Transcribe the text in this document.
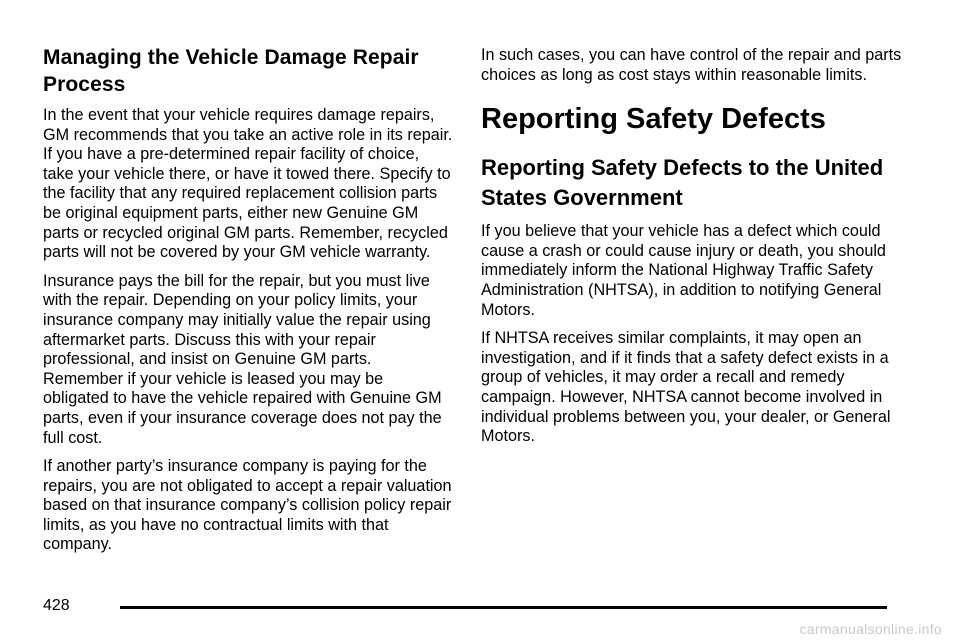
Managing the Vehicle Damage Repair Process

In the event that your vehicle requires damage repairs, GM recommends that you take an active role in its repair. If you have a pre-determined repair facility of choice, take your vehicle there, or have it towed there. Specify to the facility that any required replacement collision parts be original equipment parts, either new Genuine GM parts or recycled original GM parts. Remember, recycled parts will not be covered by your GM vehicle warranty.

Insurance pays the bill for the repair, but you must live with the repair. Depending on your policy limits, your insurance company may initially value the repair using aftermarket parts. Discuss this with your repair professional, and insist on Genuine GM parts. Remember if your vehicle is leased you may be obligated to have the vehicle repaired with Genuine GM parts, even if your insurance coverage does not pay the full cost.

If another party’s insurance company is paying for the repairs, you are not obligated to accept a repair valuation based on that insurance company’s collision policy repair limits, as you have no contractual limits with that company.

In such cases, you can have control of the repair and parts choices as long as cost stays within reasonable limits.

Reporting Safety Defects
Reporting Safety Defects to the United States Government

If you believe that your vehicle has a defect which could cause a crash or could cause injury or death, you should immediately inform the National Highway Traffic Safety Administration (NHTSA), in addition to notifying General Motors.

If NHTSA receives similar complaints, it may open an investigation, and if it finds that a safety defect exists in a group of vehicles, it may order a recall and remedy campaign. However, NHTSA cannot become involved in individual problems between you, your dealer, or General Motors.

428
carmanualsonline.info
